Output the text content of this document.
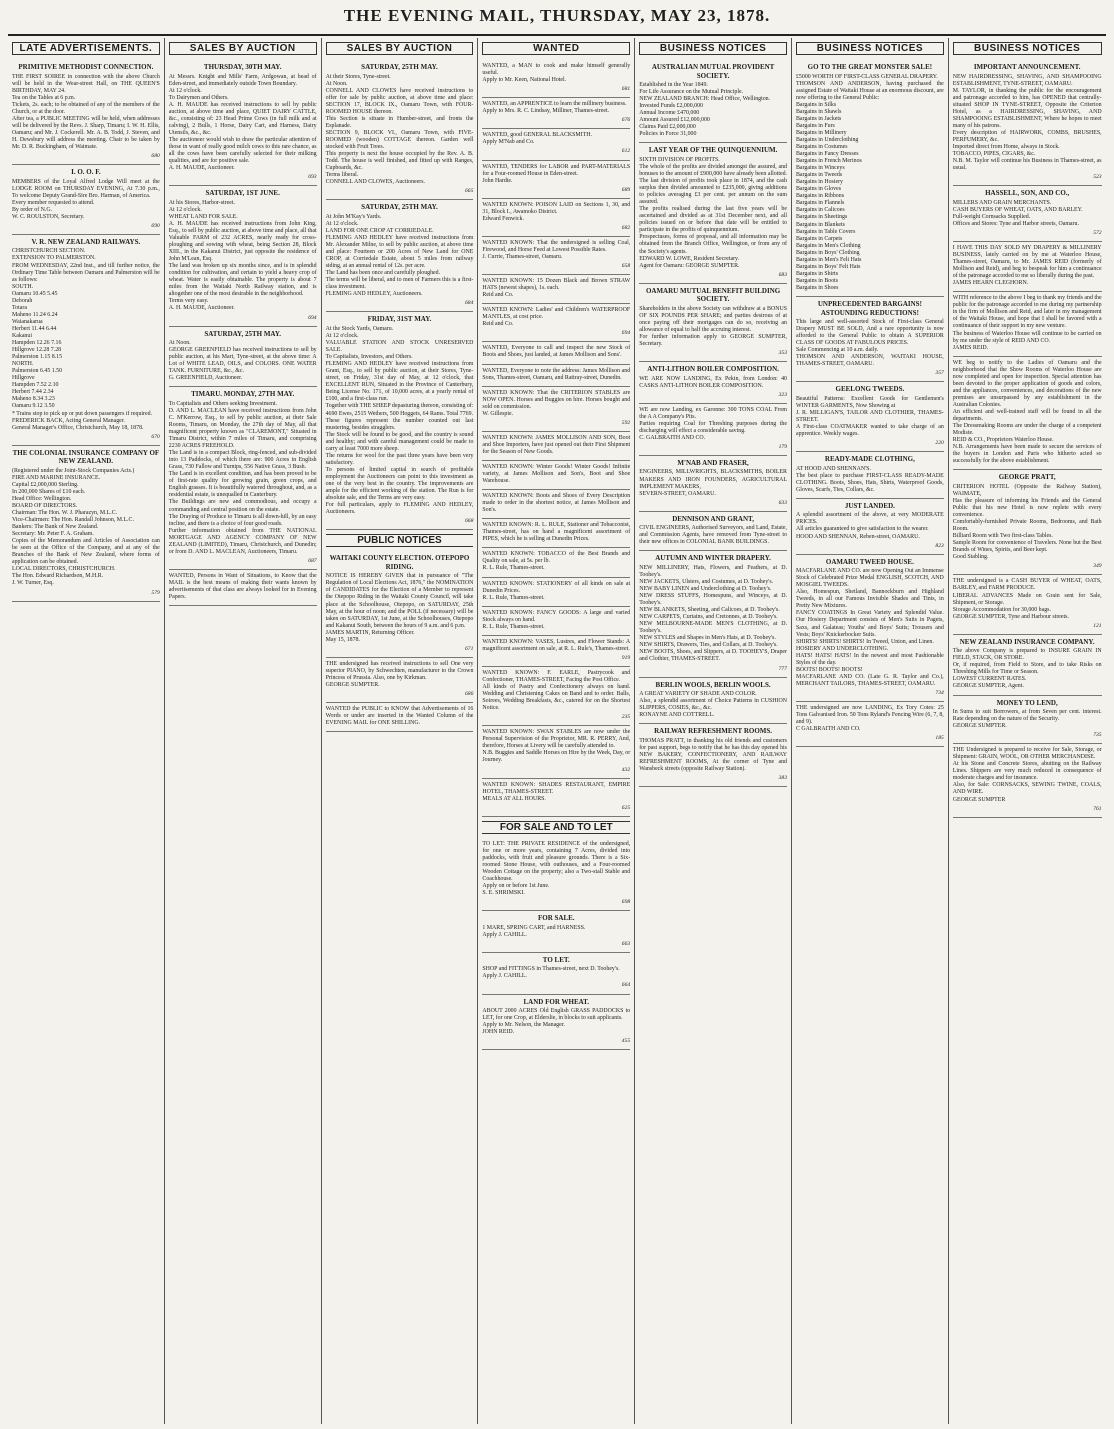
THE EVENING MAIL, THURSDAY, MAY 23, 1878.
LATE ADVERTISEMENTS.
PRIMITIVE METHODIST CONNECTION.
THE FIRST SOIREE in connection with the above Church will be held in the Wear-street Hall, on THE QUEEN'S BIRTHDAY, MAY 24.
Tea on the Tables at 6 p.m.
Tickets, 2s. each; to be obtained of any of the members of the Church, or at the door.
After tea, a PUBLIC MEETING will be held, when addresses will be delivered by the Revs. J. Sharp, Timaru; I. W. H. Ellis, Oamaru; and Mr. J. Cockerell. Mr. A. B. Todd, J. Steven, and H. Dewsbury will address the meeting. Chair to be taken by Mr. D. R. Buckingham, of Waimate.
680
I. O. O. F.
MEMBERS of the Loyal Alfred Lodge Will meet at the LODGE ROOM on THURSDAY EVENING, At 7.30 p.m., To welcome Deputy Grand-Sire Bro. Harman, of America.
Every member requested to attend.
By order of N.G.
W. C. ROULSTON, Secretary.
690
V. R. NEW ZEALAND RAILWAYS.
CHRISTCHURCH SECTION.
EXTENSION TO PALMERSTON.
FROM WEDNESDAY, 22nd Inst., and till further notice, the Ordinary Time Table between Oamaru and Palmerston will be as follows:
SOUTH.
Oamaru 10.45 5.45
Deborah
Totara
Maheno 11.24 6.24
Waianakarua
Herbert 11.44 6.44
Kakanui
Hampden 12.26 7.16
Hillgrove 12.28 7.28
Palmerston 1.15 8.15
NORTH.
Palmerston 6.45 1.50
Hillgrove
Hampden 7.52 2.10
Herbert 7.44 2.34
Maheno 8.34 3.23
Oamaru 9.12 3.50
* Trains stop to pick up or put down passengers if required.
FREDERICK BACK, Acting General Manager.
General Manager's Office, Christchurch, May 18, 1878.
670
THE COLONIAL INSURANCE COMPANY OF NEW ZEALAND.
(Registered under the Joint-Stock Companies Acts.)
FIRE AND MARINE INSURANCE.
Capital £2,000,000 Sterling.
In 200,000 Shares of £10 each.
Head Office: Wellington.
BOARD OF DIRECTORS.
Chairman: The Hon. W. J. Pharazyn, M.L.C.
Vice-Chairmen: The Hon. Randall Johnson, M.L.C.
Bankers: The Bank of New Zealand.
Secretary: Mr. Peter F. A. Graham.
Copies of the Memorandum and Articles of Association can be seen at the Office of the Company, and at any of the Branches of the Bank of New Zealand, where forms of application can be obtained.
LOCAL DIRECTORS, CHRISTCHURCH.
The Hon. Edward Richardson, M.H.R.
J. W. Turner, Esq.
579
SALES BY AUCTION
THURSDAY, 30TH MAY.
At Messrs. Knight and Mills' Farm, Ardgowan, at head of Eden-street, and immediately outside Town Boundary.
At 12 o'clock.
To Dairymen and Others.
A. H. MAUDE has received instructions to sell by public auction, at above time and place, QUIET DAIRY CATTLE, &c., consisting of: 23 Head Prime Cows (in full milk and at calving), 2 Bulls, 1 Horse, Dairy Cart, and Harness, Dairy Utensils, &c., &c.
The auctioneer would wish to draw the particular attention of those in want of really good milch cows to this rare chance, as all the cows have been carefully selected for their milking qualities, and are for positive sale.
A. H. MAUDE, Auctioneer.
693
SATURDAY, 1ST JUNE.
At his Stores, Harbor-street.
At 12 o'clock.
WHEAT LAND FOR SALE.
A. H. MAUDE has received instructions from John King, Esq., to sell by public auction, at above time and place, all that Valuable FARM of 232 ACRES, nearly ready for cross-ploughing and sowing with wheat, being Section 28, Block XIII., in the Kakanui District, just opposite the residence of John M'Lean, Esq.
The land was broken up six months since, and is in splendid condition for cultivation, and certain to yield a heavy crop of wheat. Water is easily obtainable. The property is about 7 miles from the Waitaki North Railway station, and is altogether one of the most desirable in the neighborhood.
Terms very easy.
A. H. MAUDE, Auctioneer.
694
SATURDAY, 25TH MAY.
At Noon.
GEORGE GREENFIELD has received instructions to sell by public auction, at his Mart, Tyne-street, at the above time: A Lot of WHITE LEAD, OILS, and COLORS. ONE WATER TANK. FURNITURE, &c., &c.
G. GREENFIELD, Auctioneer.
TIMARU. MONDAY, 27TH MAY.
To Capitalists and Others seeking Investment.
D. AND L. MACLEAN have received instructions from John C. M'Kerrow, Esq., to sell by public auction, at their Sale Rooms, Timaru, on Monday, the 27th day of May, all that magnificent property known as "CLAREMONT," Situated in Timaru District, within 7 miles of Timaru, and comprising 2230 ACRES FREEHOLD.
The Land is in a compact Block, ring-fenced, and sub-divided into 13 Paddocks, of which there are: 900 Acres in English Grass, 730 Fallow and Turnips, 556 Native Grass, 3 Bush.
The Land is in excellent condition, and has been proved to be of first-rate quality for growing grain, green crops, and English grasses. It is beautifully watered throughout, and, as a residential estate, is unequalled in Canterbury.
The Buildings are new and commodious, and occupy a commanding and central position on the estate.
The Draying of Produce to Timaru is all down-hill, by an easy incline, and there is a choice of four good roads.
Further information obtained from THE NATIONAL MORTGAGE AND AGENCY COMPANY OF NEW ZEALAND (LIMITED), Timaru, Christchurch, and Dunedin; or from D. AND L. MACLEAN, Auctioneers, Timaru.
687
WANTED, Persons in Want of Situations, to Know that the MAIL is the best means of making their wants known by advertisements of that class are always looked for in Evening Papers.
SALES BY AUCTION
SATURDAY, 25TH MAY.
At their Stores, Tyne-street.
At Noon.
CONNELL AND CLOWES have received instructions to offer for sale by public auction, at above time and place: SECTION 17, BLOCK IX., Oamaru Town, with FOUR-ROOMED HOUSE thereon.
This Section is situate in Humber-street, and fronts the Esplanade.
SECTION 9, BLOCK VI., Oamaru Town, with FIVE-ROOMED (wooden) COTTAGE thereon. Garden well stocked with Fruit Trees.
This property is next the house occupied by the Rev. A. B. Todd. The house is well finished, and fitted up with Ranges, Cupboards, &c.
Terms liberal.
CONNELL AND CLOWES, Auctioneers.
665
SATURDAY, 25TH MAY.
At John M'Kay's Yards.
At 12 o'clock.
LAND FOR ONE CROP AT CORRIEDALE.
FLEMING AND HEDLEY have received instructions from Mr. Alexander Milne, to sell by public auction, at above time and place: Fourteen or 200 Acres of New Land for ONE CROP, at Corriedale Estate, about 5 miles from railway siding, at an annual rental of 12s. per acre.
The Land has been once and carefully ploughed.
The terms will be liberal, and to men of Farmers this is a first-class investment.
FLEMING AND HEDLEY, Auctioneers.
684
FRIDAY, 31ST MAY.
At the Stock Yards, Oamaru.
At 12 o'clock.
VALUABLE STATION AND STOCK UNRESERVED SALE.
To Capitalists, Investors, and Others.
FLEMING AND HEDLEY have received instructions from Grant, Esq., to sell by public auction, at their Stores, Tyne-street, on Friday, 31st day of May, at 12 o'clock, that EXCELLENT RUN, Situated in the Province of Canterbury, Being License No. 171, of 10,000 acres, at a yearly rental of £100, and a first-class run.
Together with THE SHEEP depasturing thereon, consisting of: 4690 Ewes, 2515 Wethers, 500 Hoggets, 64 Rams. Total 7769.
These figures represent the number counted out last mustering, besides stragglers.
The Stock will be found to be good, and the country is sound and healthy; and with careful management could be made to carry at least 7000 more sheep.
The returns for wool for the past three years have been very satisfactory.
To persons of limited capital in search of profitable employment the Auctioneers can point to this investment as one of the very best in the country. The improvements are ample for the efficient working of the station. The Run is for absolute sale, and the Terms are very easy.
For full particulars, apply to FLEMING AND HEDLEY, Auctioneers.
668
PUBLIC NOTICES
WAITAKI COUNTY ELECTION. OTEPOPO RIDING.
NOTICE IS HEREBY GIVEN that in pursuance of "The Regulation of Local Elections Act, 1876," the NOMINATION of CANDIDATES for the Election of a Member to represent the Otepopo Riding in the Waitaki County Council, will take place at the Schoolhouse, Otepopo, on SATURDAY, 25th May, at the hour of noon; and the POLL (if necessary) will be taken on SATURDAY, 1st June, at the Schoolhouses, Otepopo and Kakanui South, between the hours of 9 a.m. and 6 p.m.
JAMES MARTIN, Returning Officer.
May 15, 1878.
671
THE undersigned has received instructions to sell One very superior PIANO, by Schwechten, manufacturer to the Crown Princess of Prussia. Also, one by Kirkman.
GEORGE SUMPTER.
686
WANTED the PUBLIC to KNOW that Advertisements of 16 Words or under are inserted in the Wanted Column of the EVENING MAIL for ONE SHILLING.
WANTED
WANTED, a MAN to cook and make himself generally useful.
Apply to Mr. Keen, National Hotel.
681
WANTED, an APPRENTICE to learn the millinery business.
Apply to Mrs. R. C. Lindsay, Milliner, Thames-street.
676
WANTED, good GENERAL BLACKSMITH.
Apply M'Nab and Co.
612
WANTED, TENDERS for LABOR and PART-MATERIALS for a Four-roomed House in Eden-street.
John Hardie.
689
WANTED KNOWN: POISON LAID on Sections 1, 30, and 31, Block I., Awamoko District.
Edward Fenwick.
682
WANTED KNOWN: That the undersigned is selling Coal, Firewood, and Horse Feed at Lowest Possible Rates.
J. Currie, Thames-street, Oamaru.
658
WANTED KNOWN: 15 Dozen Black and Brown STRAW HATS (newest shapes), 1s. each.
Reid and Co.
WANTED KNOWN: Ladies' and Children's WATERPROOF MANTLES, at cost price.
Reid and Co.
694
WANTED, Everyone to call and inspect the new Stock of Boots and Shoes, just landed, at James Mollison and Sons'.
WANTED, Everyone to note the address: James Mollison and Sons, Thames-street, Oamaru, and Rattray-street, Dunedin.
WANTED KNOWN: That the CRITERION STABLES are NOW OPEN. Horses and Buggies on hire. Horses bought and sold on commission.
W. Gillespie.
592
WANTED KNOWN: JAMES MOLLISON AND SON, Boot and Shoe Importers, have just opened out their First Shipment for the Season of New Goods.
WANTED KNOWN: Winter Goods! Winter Goods! Infinite variety, at James Mollison and Son's, Boot and Shoe Warehouse.
WANTED KNOWN: Boots and Shoes of Every Description made to order in the shortest notice, at James Mollison and Son's.
WANTED KNOWN: R. L. RULE, Stationer and Tobacconist, Thames-street, has on hand a magnificent assortment of PIPES, which he is selling at Dunedin Prices.
WANTED KNOWN: TOBACCO of the Best Brands and Quality on sale, at 5s. per lb.
R. L. Rule, Thames-street.
WANTED KNOWN: STATIONERY of all kinds on sale at Dunedin Prices.
R. L. Rule, Thames-street.
WANTED KNOWN: FANCY GOODS: A large and varied Stock always on hand.
R. L. Rule, Thames-street.
WANTED KNOWN: VASES, Lustres, and Flower Stands: A magnificent assortment on sale, at R. L. Rule's, Thames-street.
919
WANTED KNOWN: F. EARLE, Pastrycook and Confectioner, THAMES-STREET, Facing the Post Office.
All kinds of Pastry and Confectionery always on hand. Wedding and Christening Cakes on Band and to order. Balls, Soirees, Wedding Breakfasts, &c., catered for on the Shortest Notice.
235
WANTED KNOWN: SWAN STABLES are now under the Personal Supervision of the Proprietor, MR. R. PERRY, And, therefore, Horses at Livery will be carefully attended to.
N.B. Buggies and Saddle Horses on Hire by the Week, Day, or Journey.
432
WANTED KNOWN: SHADES RESTAURANT, EMPIRE HOTEL, THAMES-STREET.
MEALS AT ALL HOURS.
625
FOR SALE AND TO LET
TO LET: THE PRIVATE RESIDENCE of the undersigned, for one or more years, containing 7 Acres, divided into paddocks, with fruit and pleasure grounds. There is a Six-roomed Stone House, with outhouses, and a Four-roomed Wooden Cottage on the property; also a Two-stall Stable and Coachhouse.
Apply on or before 1st June.
S. E. SHRIMSKI.
698
FOR SALE.
1 MARE, SPRING CART, and HARNESS.
Apply J. CAHILL.
663
TO LET.
SHOP and FITTINGS in Thames-street, next D. Toohey's.
Apply J. CAHILL.
664
LAND FOR WHEAT.
ABOUT 2000 ACRES Old English GRASS PADDOCKS to LET, for one Crop, at Elderslie, in blocks to suit applicants.
Apply to Mr. Nelson, the Manager.
JOHN REID.
455
BUSINESS NOTICES
AUSTRALIAN MUTUAL PROVIDENT SOCIETY.
Established in the Year 1849.
For Life Assurance on the Mutual Principle.
NEW ZEALAND BRANCH: Head Office, Wellington.
Invested Funds £2,000,000
Annual Income £470,000
Amount Assured £12,000,000
Claims Paid £2,000,000
Policies in Force 31,000
LAST YEAR OF THE QUINQUENNIUM.
SIXTH DIVISION OF PROFITS.
The whole of the profits are divided amongst the assured, and bonuses to the amount of £900,000 have already been allotted. The last division of profits took place in 1874, and the cash surplus then divided amounted to £235,000, giving additions to policies averaging £3 per cent. per annum on the sum assured.
The profits realised during the last five years will be ascertained and divided as at 31st December next, and all policies issued on or before that date will be entitled to participate in the profits of quinquennium.
Prospectuses, forms of proposal, and all information may be obtained from the Branch Office, Wellington, or from any of the Society's agents.
EDWARD W. LOWE, Resident Secretary.
Agent for Oamaru: GEORGE SUMPTER.
683
OAMARU MUTUAL BENEFIT BUILDING SOCIETY.
Shareholders in the above Society can withdraw at a BONUS OF SIX POUNDS PER SHARE; and parties desirous of at once paying off their mortgages can do so, receiving an allowance of equal to half the accruing interest.
For further information apply to GEORGE SUMPTER, Secretary.
353
ANTI-LITHON BOILER COMPOSITION.
WE ARE NOW LANDING, Ex Pekin, from London: 40 CASKS ANTI-LITHON BOILER COMPOSITION.
323
WE are now Landing, ex Garonne: 300 TONS COAL From the A A Company's Pits.
Parties requiring Coal for Threshing purposes during the discharging will effect a considerable saving.
C. GALBRAITH AND CO.
179
M'NAB AND FRASER,
ENGINEERS, MILLWRIGHTS, BLACKSMITHS, BOILER MAKERS AND IRON FOUNDERS, AGRICULTURAL IMPLEMENT MAKERS,
SEVERN-STREET, OAMARU.
633
DENNISON AND GRANT,
CIVIL ENGINEERS, Authorised Surveyors, and Land, Estate, and Commission Agents, have removed from Tyne-street to their new offices in COLONIAL BANK BUILDINGS.
AUTUMN AND WINTER DRAPERY.
NEW MILLINERY, Hats, Flowers, and Feathers, at D. Toohey's.
NEW JACKETS, Ulsters, and Costumes, at D. Toohey's.
NEW BABY LINEN and Underclothing at D. Toohey's.
NEW DRESS STUFFS, Homespuns, and Winceys, at D. Toohey's.
NEW BLANKETS, Sheeting, and Calicoes, at D. Toohey's.
NEW CARPETS, Curtains, and Cretonnes, at D. Toohey's.
NEW MELBOURNE-MADE MEN'S CLOTHING, at D. Toohey's.
NEW STYLES and Shapes in Men's Hats, at D. Toohey's.
NEW SHIRTS, Drawers, Ties, and Collars, at D. Toohey's.
NEW BOOTS, Shoes, and Slippers, at D. TOOHEY'S, Draper and Clothier, THAMES-STREET.
777
BERLIN WOOLS, BERLIN WOOLS.
A GREAT VARIETY OF SHADE AND COLOR.
Also, a splendid assortment of Choice Patterns in CUSHION SLIPPERS, COSIES, &c., &c.
RONAYNE AND COTTRELL.
RAILWAY REFRESHMENT ROOMS.
THOMAS PRATT, in thanking his old friends and customers for past support, begs to notify that he has this day opened his NEW BAKERY, CONFECTIONERY, AND RAILWAY REFRESHMENT ROOMS, At the corner of Tyne and Wansbeck streets (opposite Railway Station).
383
BUSINESS NOTICES
GO TO THE GREAT MONSTER SALE!
£5000 WORTH OF FIRST-CLASS GENERAL DRAPERY.
THOMSON AND ANDERSON, having purchased the assigned Estate of Waitaki House at an enormous discount, are now offering to the General Public:
Bargains in Silks
Bargains in Shawls
Bargains in Jackets
Bargains in Furs
Bargains in Millinery
Bargains in Underclothing
Bargains in Costumes
Bargains in Fancy Dresses
Bargains in French Merinos
Bargains in Winceys
Bargains in Tweeds
Bargains in Hosiery
Bargains in Gloves
Bargains in Ribbons
Bargains in Flannels
Bargains in Calicoes
Bargains in Sheetings
Bargains in Blankets
Bargains in Table Covers
Bargains in Carpets
Bargains in Men's Clothing
Bargains in Boys' Clothing
Bargains in Men's Felt Hats
Bargains in Boys' Felt Hats
Bargains in Shirts
Bargains in Boots
Bargains in Shoes
UNPRECEDENTED BARGAINS! ASTOUNDING REDUCTIONS!
This large and well-assorted Stock of First-class General Drapery MUST BE SOLD, And a rare opportunity is now afforded to the General Public to obtain A SUPERIOR CLASS OF GOODS AT FABULOUS PRICES.
Sale Commencing at 10 a.m. daily.
THOMSON AND ANDERSON, WAITAKI HOUSE, THAMES-STREET, OAMARU.
357
GEELONG TWEEDS.
Beautiful Patterns: Excellent Goods for Gentlemen's WINTER GARMENTS, Now Showing at
J. R. MILLIGAN'S, TAILOR AND CLOTHIER, THAMES-STREET.
A First-class COATMAKER wanted to take charge of an apprentice. Weekly wages.
220
READY-MADE CLOTHING,
AT HOOD AND SHENNAN'S.
The best place to purchase FIRST-CLASS READY-MADE CLOTHING. Boots, Shoes, Hats, Shirts, Waterproof Goods, Gloves, Scarfs, Ties, Collars, &c.
JUST LANDED.
A splendid assortment of the above, at very MODERATE PRICES.
All articles guaranteed to give satisfaction to the wearer.
HOOD AND SHENNAN, Reben-street, OAMARU.
823
OAMARU TWEED HOUSE.
MACFARLANE AND CO. are now Opening Out an Immense Stock of Celebrated Prize Medal ENGLISH, SCOTCH, AND MOSGIEL TWEEDS.
Also, Homespun, Shetland, Bannockburn and Highland Tweeds, in all our Famous Invisible Shades and Tints, in Pretty New Mixtures.
FANCY COATINGS In Great Variety and Splendid Value. Our Hosiery Department consists of Men's Suits in Pagets, Saxs, and Galateas; Youths' and Boys' Suits; Trousers and Vests; Boys' Knickerbocker Suits.
SHIRTS! SHIRTS! SHIRTS! In Tweed, Union, and Linen.
HOSIERY AND UNDERCLOTHING.
HATS! HATS! HATS! In the newest and most Fashionable Styles of the day.
BOOTS! BOOTS! BOOTS!
MACFARLANE AND CO. (Late G. R. Taylor and Co.), MERCHANT TAILORS, THAMES-STREET, OAMARU.
734
THE undersigned are now LANDING, Ex Tory Cotes: 25 Tons Galvanised Iron. 50 Tons Ryland's Fencing Wire (6, 7, 8, and 9).
C GALBRAITH AND CO.
185
BUSINESS NOTICES
IMPORTANT ANNOUNCEMENT.
NEW HAIRDRESSING, SHAVING, AND SHAMPOOING ESTABLISHMENT, TYNE-STREET, OAMARU.
M. TAYLOR, in thanking the public for the encouragement and patronage accorded to him, has OPENED that centrally-situated SHOP IN TYNE-STREET, Opposite the Criterion Hotel, as a HAIRDRESSING, SHAVING, AND SHAMPOOING ESTABLISHMENT, Where he hopes to meet many of his patrons.
Every description of HAIRWORK, COMBS, BRUSHES, PERFUMERY, &c.
Imported direct from Home, always in Stock.
TOBACCO, PIPES, CIGARS, &c.
N.B. M. Taylor will continue his Business in Thames-street, as usual.
523
HASSELL, SON, AND CO.,
MILLERS AND GRAIN MERCHANTS.
CASH BUYERS OF WHEAT, OATS, AND BARLEY.
Full-weight Cornsacks Supplied.
Offices and Stores: Tyne and Harbor streets, Oamaru.
572
I HAVE THIS DAY SOLD MY DRAPERY & MILLINERY BUSINESS, lately carried on by me at Waterloo House, Thames-street, Oamaru, to Mr. JAMES REID (formerly of Mollison and Reid), and beg to bespeak for him a continuance of the patronage accorded to me so liberally during the past.
JAMES HEARN CLEGHORN.
WITH reference to the above I beg to thank my friends and the public for the patronage accorded to me during my partnership in the firm of Mollison and Reid, and later in my management of the Waitaki House, and hope that I shall be favored with a continuance of their support in my new venture.
The business of Waterloo House will continue to be carried on by me under the style of REID AND CO.
JAMES REID.
WE beg to notify to the Ladies of Oamaru and the neighborhood that the Show Rooms of Waterloo House are now completed and open for inspection. Special attention has been devoted to the proper application of goods and colors, and the appliances, conveniences, and decorations of the new premises are unsurpassed by any establishment in the Australian Colonies.
An efficient and well-trained staff will be found in all the departments.
The Dressmaking Rooms are under the charge of a competent Modiste.
REID & CO., Proprietors Waterloo House.
N.B. Arrangements have been made to secure the services of the buyers in London and Paris who hitherto acted so successfully for the above establishment.
GEORGE PRATT,
CRITERION HOTEL (Opposite the Railway Station), WAIMATE,
Has the pleasure of informing his Friends and the General Public that his new Hotel is now replete with every convenience.
Comfortably-furnished Private Rooms, Bedrooms, and Bath Room.
Billiard Room with Two first-class Tables.
Sample Room for convenience of Travelers. None but the Best Brands of Wines, Spirits, and Beer kept.
Good Stabling.
349
THE undersigned is a CASH BUYER of WHEAT, OATS, BARLEY, and FARM PRODUCE.
LIBERAL ADVANCES Made on Grain sent for Sale, Shipment, or Storage.
Storage Accommodation for 30,000 bags.
GEORGE SUMPTER, Tyne and Harbour streets.
121
NEW ZEALAND INSURANCE COMPANY.
The above Company is prepared to INSURE GRAIN IN FIELD, STACK, OR STORE.
Or, if required, from Field to Store, and to take Risks on Threshing Mills for Time or Season.
LOWEST CURRENT RATES.
GEORGE SUMPTER, Agent.
MONEY TO LEND,
In Sums to suit Borrowers, at from Seven per cent. interest. Rate depending on the nature of the Security.
GEORGE SUMPTER.
735
THE Undersigned is prepared to receive for Sale, Storage, or Shipment: GRAIN, WOOL, OR OTHER MERCHANDISE.
At his Stone and Concrete Stores, abutting on the Railway Lines. Shippers are very much reduced in consequence of moderate charges and for insurance.
Also, for Sale: CORNSACKS, SEWING TWINE, COALS, AND WIRE.
GEORGE SUMPTER
761
